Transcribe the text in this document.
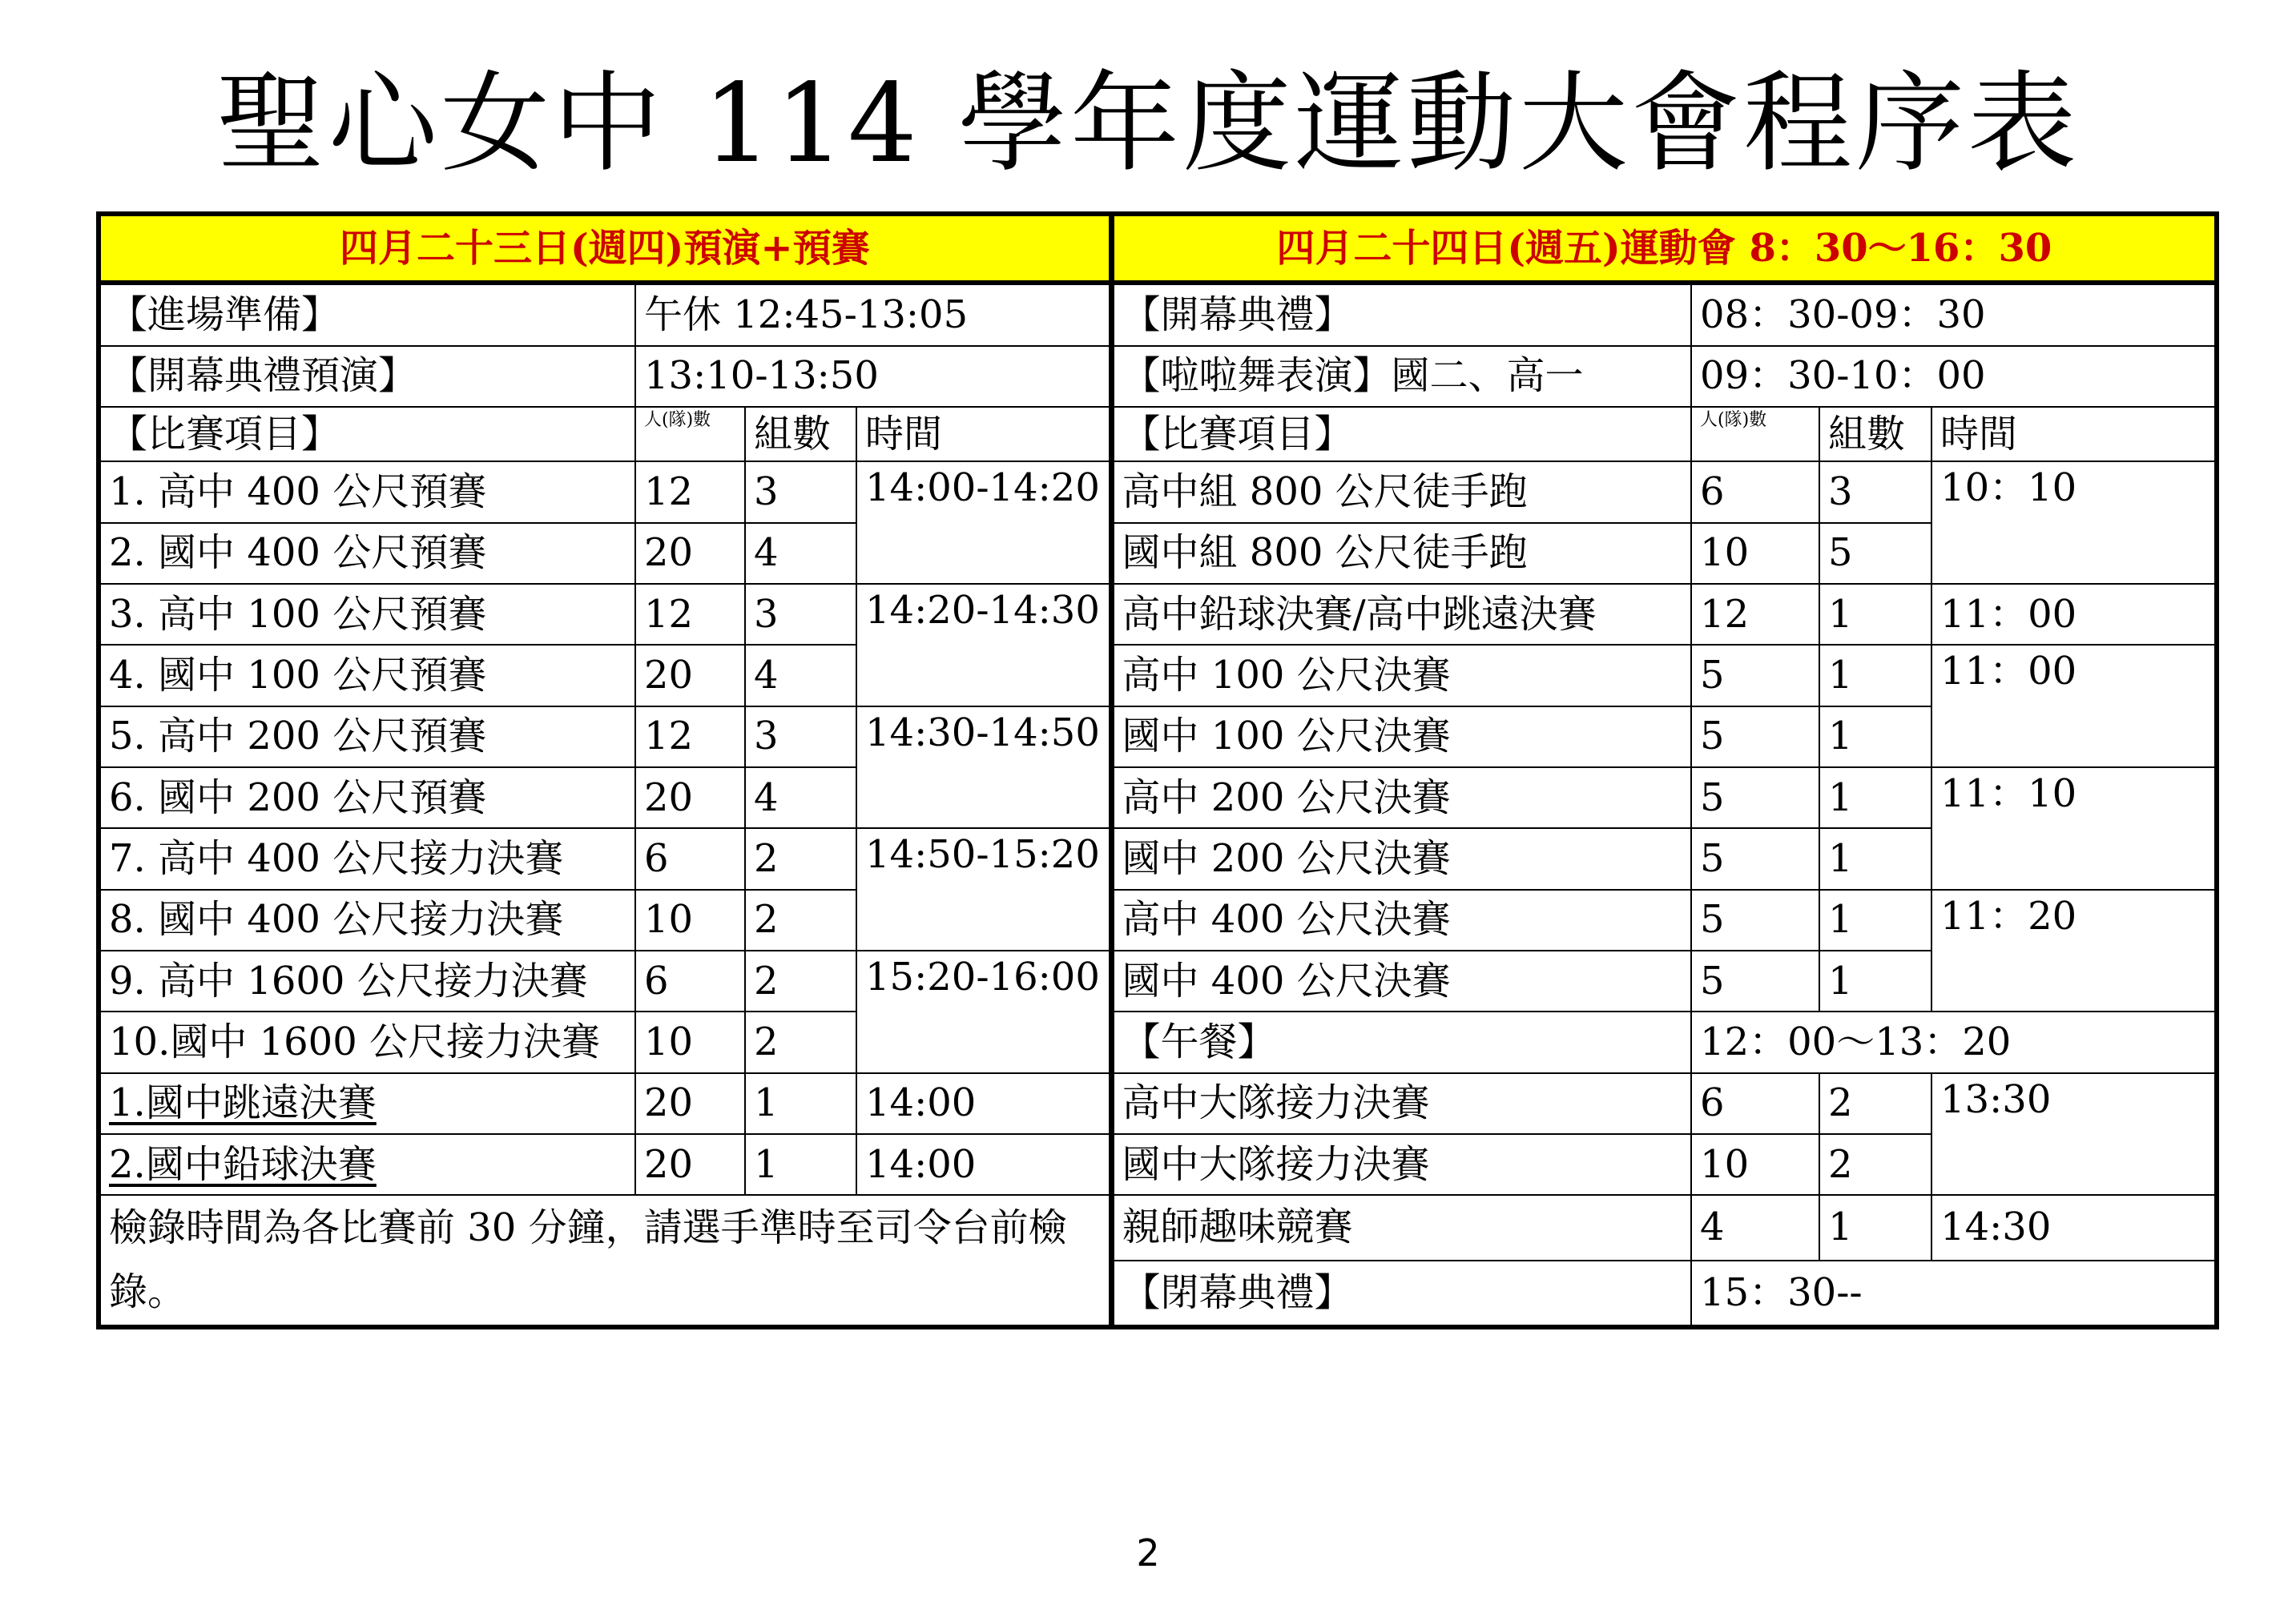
聖心女中 114 學年度運動大會程序表
四月二十三日(週四)預演+預賽				四月二十四日(週五)運動會 8：30～16：30			
【進場準備】	午休 12:45-13:05			【開幕典禮】	08：30-09：30		
【開幕典禮預演】	13:10-13:50			【啦啦舞表演】國二、高一	09：30-10：00		
【比賽項目】	人(隊)數	組數	時間	【比賽項目】	人(隊)數	組數	時間
1. 高中 400 公尺預賽	12	3	14:00-14:20	高中組 800 公尺徒手跑	6	3	10：10
2. 國中 400 公尺預賽	20	4		國中組 800 公尺徒手跑	10	5	
3. 高中 100 公尺預賽	12	3	14:20-14:30	高中鉛球決賽/高中跳遠決賽	12	1	11：00
4. 國中 100 公尺預賽	20	4		高中 100 公尺決賽	5	1	11：00
5. 高中 200 公尺預賽	12	3	14:30-14:50	國中 100 公尺決賽	5	1	
6. 國中 200 公尺預賽	20	4		高中 200 公尺決賽	5	1	11：10
7. 高中 400 公尺接力決賽	6	2	14:50-15:20	國中 200 公尺決賽	5	1	
8. 國中 400 公尺接力決賽	10	2		高中 400 公尺決賽	5	1	11：20
9. 高中 1600 公尺接力決賽	6	2	15:20-16:00	國中 400 公尺決賽	5	1	
10.國中 1600 公尺接力決賽	10	2		【午餐】	12：00～13：20		
1.國中跳遠決賽	20	1	14:00	高中大隊接力決賽	6	2	13:30
2.國中鉛球決賽	20	1	14:00	國中大隊接力決賽	10	2	
檢錄時間為各比賽前 30 分鐘，請選手準時至司令台前檢錄。				親師趣味競賽	4	1	14:30
				【閉幕典禮】	15：30--		
2
